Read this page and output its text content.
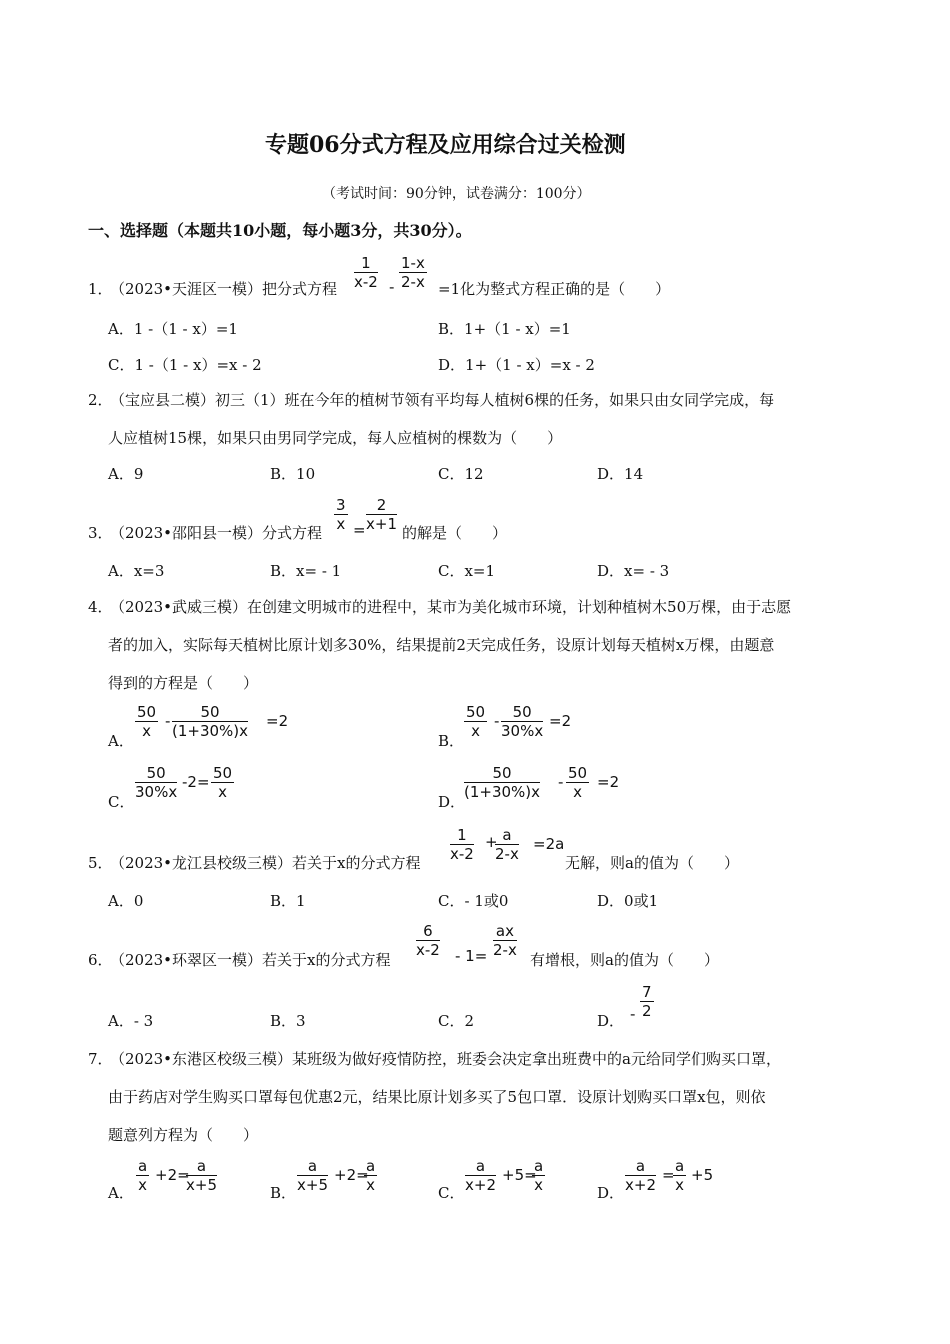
专题06分式方程及应用综合过关检测
（考试时间：90分钟，试卷满分：100分）
一、选择题（本题共10小题，每小题3分，共30分）。
1．
（2023•天涯区一模）把分式方程 $\frac{1}{x-2} - \frac{1-x}{2-x} =1$化为整式方程正确的是（　　）
A．1 -（1 - x）=1	B．1+（1 - x）=1
C．1 -（1 - x）=x - 2	D．1+（1 - x）=x - 2
2．
（宝应县二模）初三（1）班在今年的植树节领有平均每人植树6棵的任务，如果只由女同学完成，每
人应植树15棵，如果只由男同学完成，每人应植树的棵数为（　　）
A．9	B．10	C．12	D．14
3．
（2023•邵阳县一模）分式方程 $\frac{3}{x} = \frac{2}{x+1}$ 的解是（　　）
A．x=3	B．x= - 1	C．x=1	D．x= - 3
4．
（2023•武威三模）在创建文明城市的进程中，某市为美化城市环境，计划种植树木50万棵，由于志愿
者的加入，实际每天植树比原计划多30%，结果提前2天完成任务，设原计划每天植树x万棵，由题意
得到的方程是（　　）
A．
$\frac{50}{x} - \frac{50}{(1+30\%)x} =2$
B．
$\frac{50}{x} - \frac{50}{30\%x} =2$
C．
$\frac{50}{30\%x} -2= \frac{50}{x}$
D．
$\frac{50}{(1+30\%)x} - \frac{50}{x} =2$
5．
（2023•龙江县校级三模）若关于x的分式方程 $\frac{1}{x-2}$ +
$\frac{a}{2-x} =2a$
无解，则a的值为（　　）
A．0	B．1	C．- 1或0	D．0或1
6．
（2023•环翠区一模）若关于x的分式方程
$\frac{6}{x-2} - 1= \frac{ax}{2-x}$
有增根，则a的值为（　　）
A．- 3	B．3	C．2	D． - $\frac{7}{2}$
7．
（2023•东港区校级三模）某班级为做好疫情防控，班委会决定拿出班费中的a元给同学们购买口罩，
由于药店对学生购买口罩每包优惠2元，结果比原计划多买了5包口罩．设原计划购买口罩x包，则依
题意列方程为（　　）
A． $\frac{a}{x} +2=$
$\frac{a}{x+5}$	B． $\frac{a}{x+5} +2=$
$\frac{a}{x}$	C． $\frac{a}{x+2} +5=$
$\frac{a}{x}$	D． $\frac{a}{x+2}$ =
$\frac{a}{x} +5$
